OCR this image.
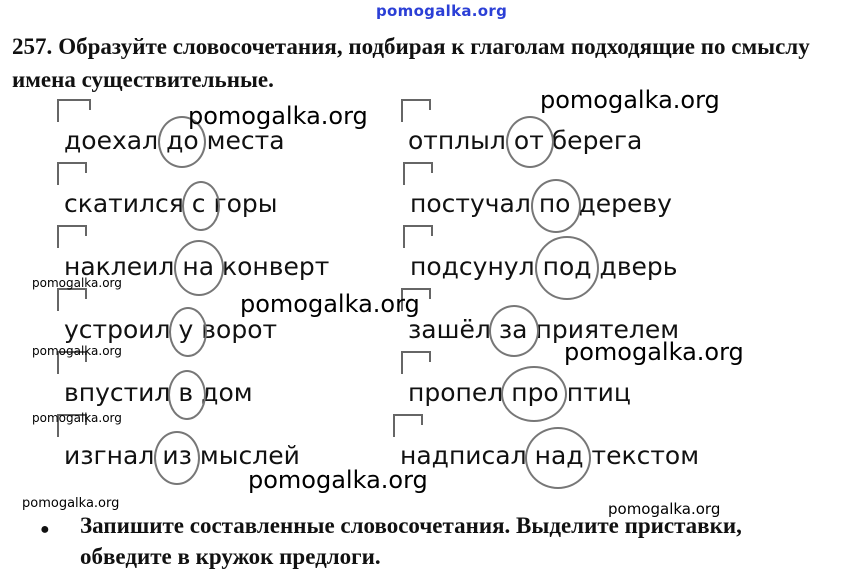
pomogalka.org
257. Образуйте словосочетания, подбирая к глаголам подходящие по смыслу имена существительные.
доехал до места
скатился с горы
наклеил на конверт
устроил у ворот
впустил в дом
изгнал из мыслей
отплыл от берега
постучал по дереву
подсунул под дверь
зашёл за приятелем
пропел про птиц
надписал над текстом
pomogalka.org
pomogalka.org
pomogalka.org
pomogalka.org
pomogalka.org
pomogalka.org
pomogalka.org
pomogalka.org
pomogalka.org	pomogalka.org
● Запишите составленные словосочетания. Выделите приставки,
обведите в кружок предлоги.
